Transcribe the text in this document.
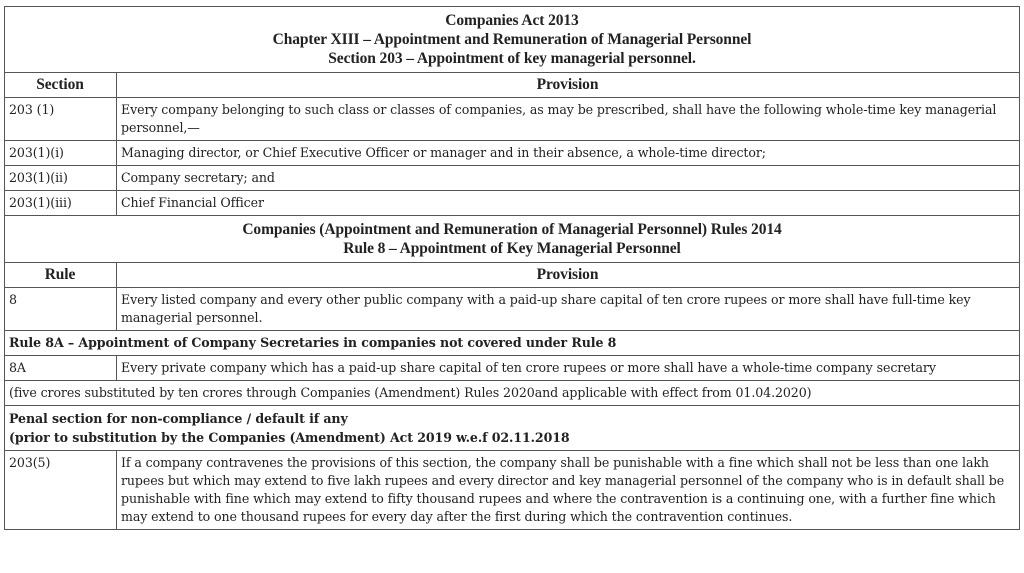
Companies Act 2013
Chapter XIII – Appointment and Remuneration of Managerial Personnel
Section 203 – Appointment of key managerial personnel.	

Section	Provision
203 (1)	Every company belonging to such class or classes of companies, as may be prescribed, shall have the following whole-time key managerial personnel,—
203(1)(i)	Managing director, or Chief Executive Officer or manager and in their absence, a whole-time director;
203(1)(ii)	Company secretary; and
203(1)(iii)	Chief Financial Officer

Companies (Appointment and Remuneration of Managerial Personnel) Rules 2014
Rule 8 – Appointment of Key Managerial Personnel	

Rule	Provision
8	Every listed company and every other public company with a paid-up share capital of ten crore rupees or more shall have full-time key managerial personnel.
Rule 8A – Appointment of Company Secretaries in companies not covered under Rule 8	
8A	Every private company which has a paid-up share capital of ten crore rupees or more shall have a whole-time company secretary
(five crores substituted by ten crores through Companies (Amendment) Rules 2020and applicable with effect from 01.04.2020)	

Penal section for non-compliance / default if any
(prior to substitution by the Companies (Amendment) Act 2019 w.e.f 02.11.2018	

203(5)	If a company contravenes the provisions of this section, the company shall be punishable with a fine which shall not be less than one lakh rupees but which may extend to five lakh rupees and every director and key managerial personnel of the company who is in default shall be punishable with fine which may extend to fifty thousand rupees and where the contravention is a continuing one, with a further fine which may extend to one thousand rupees for every day after the first during which the contravention continues.
